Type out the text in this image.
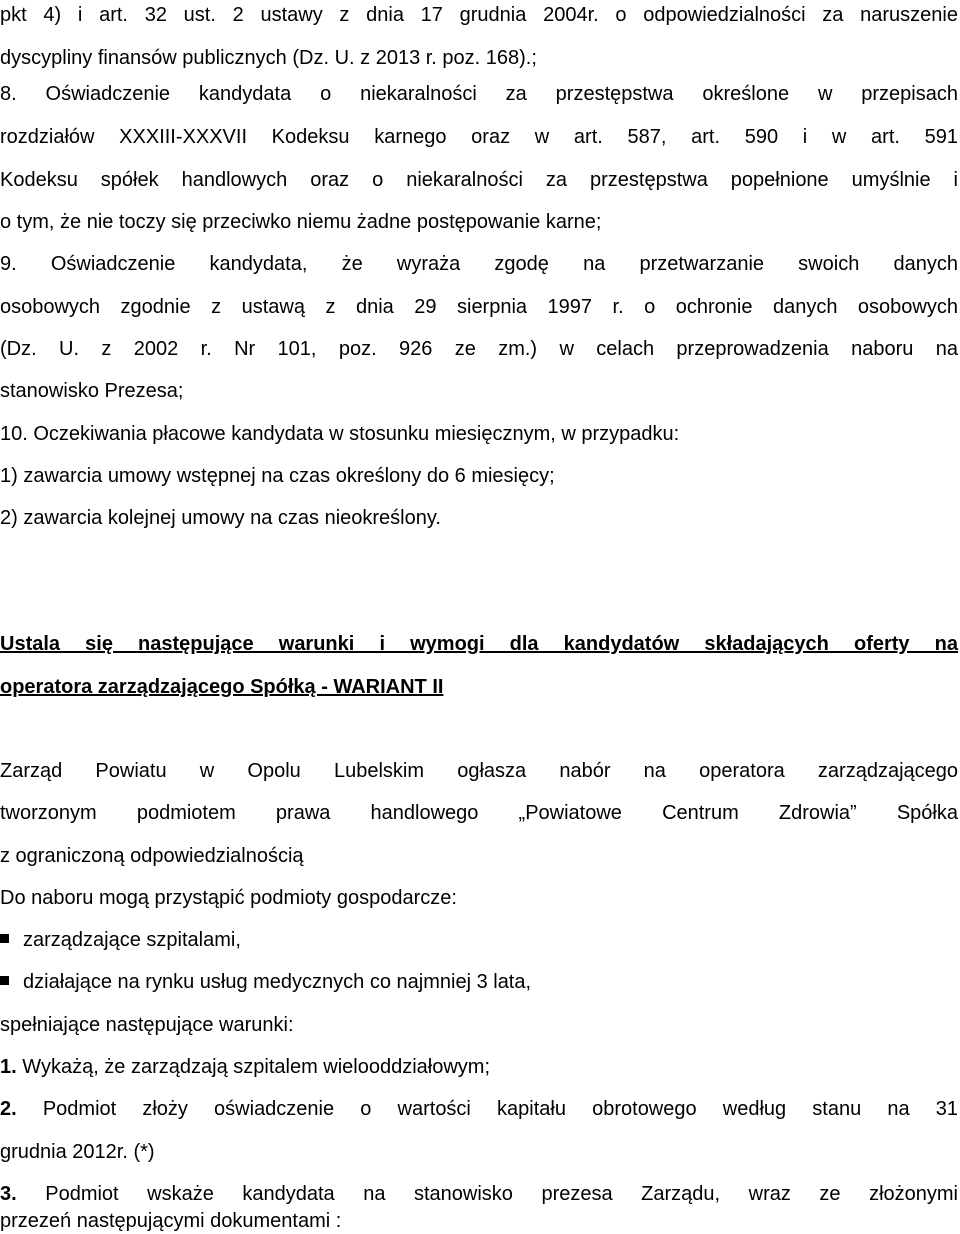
pkt 4) i art. 32 ust. 2 ustawy z dnia 17 grudnia 2004r. o odpowiedzialności za naruszenie
dyscypliny finansów publicznych (Dz. U. z 2013 r. poz. 168).;
8. Oświadczenie kandydata o niekaralności za przestępstwa określone w przepisach
rozdziałów XXXIII-XXXVII Kodeksu karnego oraz w art. 587, art. 590 i w art. 591
Kodeksu spółek handlowych oraz o niekaralności za przestępstwa popełnione umyślnie i
o tym, że nie toczy się przeciwko niemu żadne postępowanie karne;
9. Oświadczenie kandydata, że wyraża zgodę na przetwarzanie swoich danych
osobowych zgodnie z ustawą z dnia 29 sierpnia 1997 r. o ochronie danych osobowych
(Dz. U. z 2002 r. Nr 101, poz. 926 ze zm.) w celach przeprowadzenia naboru na
stanowisko Prezesa;
10. Oczekiwania płacowe kandydata w stosunku miesięcznym, w przypadku:
1) zawarcia umowy wstępnej na czas określony do 6 miesięcy;
2) zawarcia kolejnej umowy na czas nieokreślony.
Ustala się następujące warunki i wymogi dla kandydatów składających oferty na
operatora zarządzającego Spółką - WARIANT II
Zarząd Powiatu w Opolu Lubelskim ogłasza nabór na operatora zarządzającego
tworzonym podmiotem prawa handlowego „Powiatowe Centrum Zdrowia” Spółka
z ograniczoną odpowiedzialnością
Do naboru mogą przystąpić podmioty gospodarcze:
zarządzające szpitalami,
działające na rynku usług medycznych co najmniej 3 lata,
spełniające następujące warunki:
1. Wykażą, że zarządzają szpitalem wielooddziałowym;
2. Podmiot złoży oświadczenie o wartości kapitału obrotowego według stanu na 31
grudnia 2012r. (*)
3. Podmiot wskaże kandydata na stanowisko prezesa Zarządu, wraz ze złożonymi
przezeń następującymi dokumentami :
